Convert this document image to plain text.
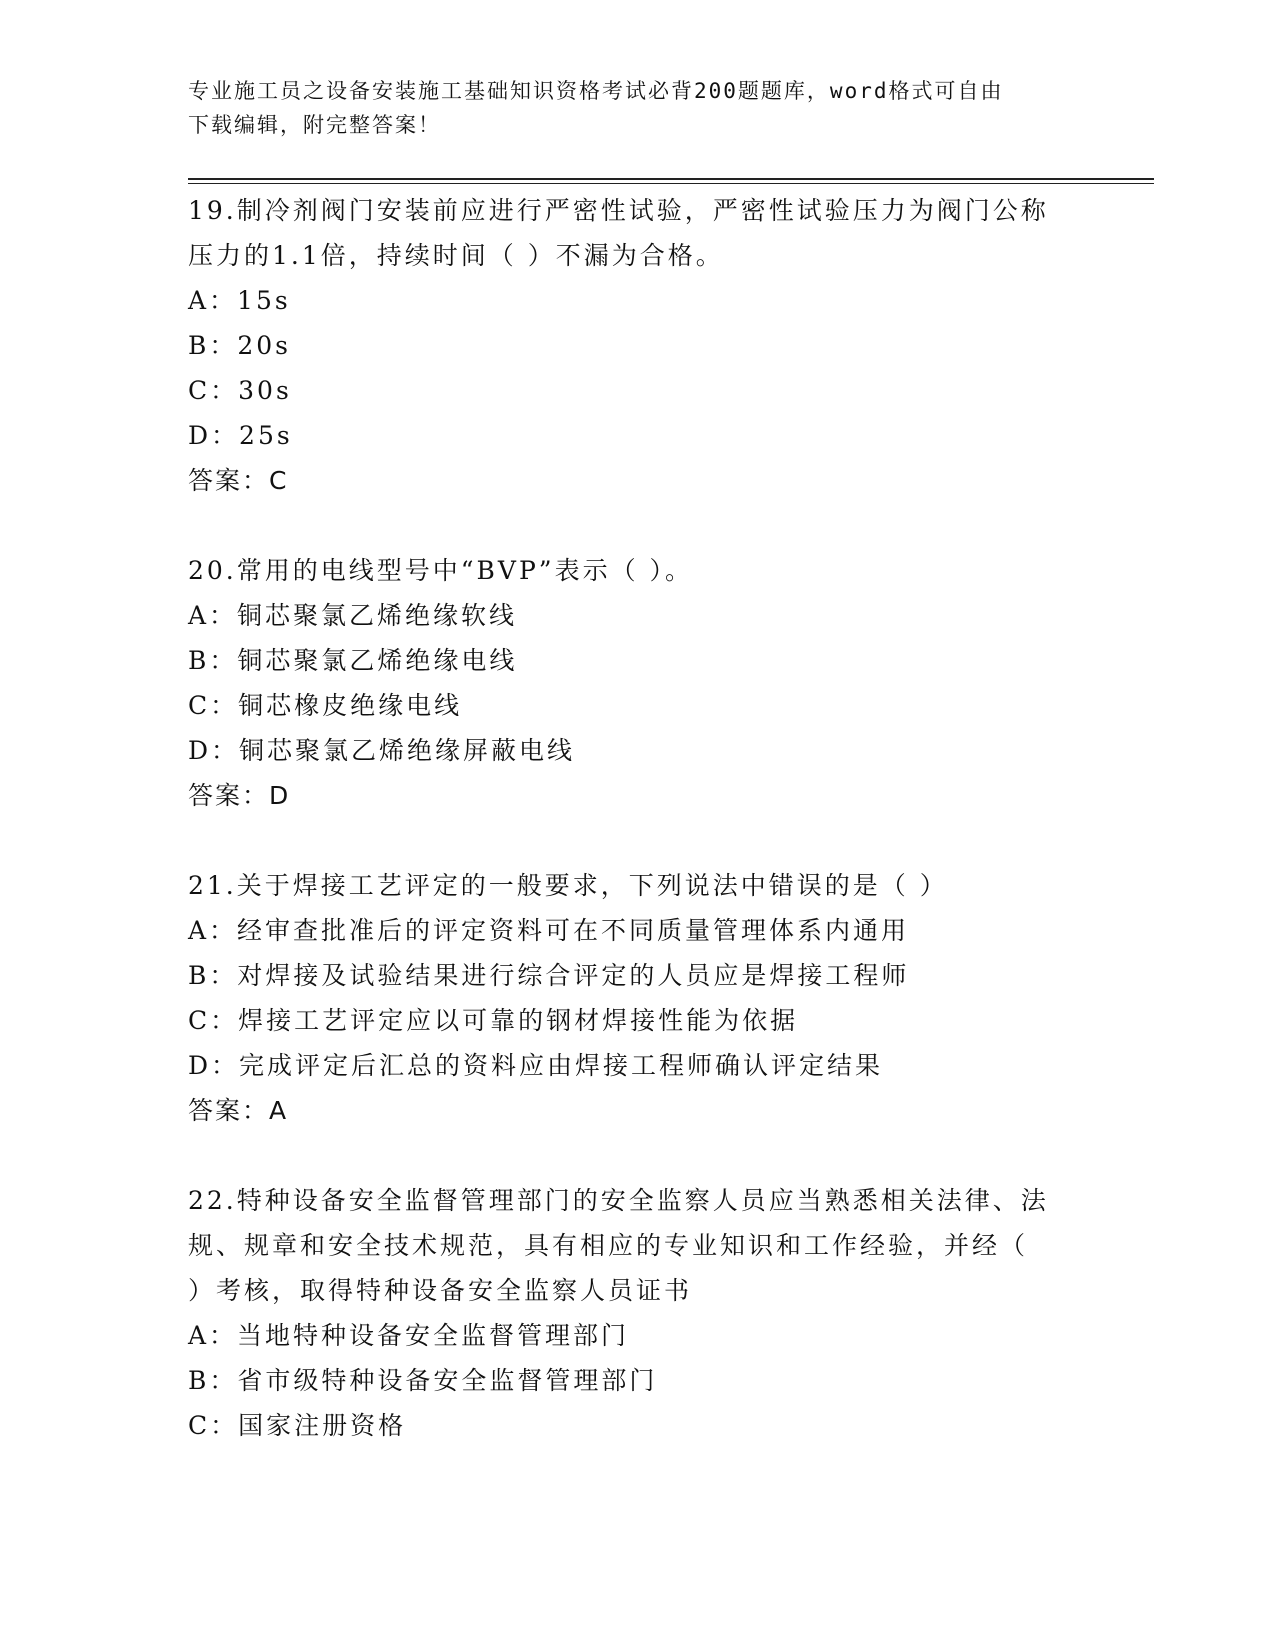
专业施工员之设备安装施工基础知识资格考试必背200题题库，word格式可自由
下载编辑，附完整答案！
19.制冷剂阀门安装前应进行严密性试验，严密性试验压力为阀门公称
压力的1.1倍，持续时间（ ）不漏为合格。
A：15s
B：20s
C：30s
D：25s
答案：C
20.常用的电线型号中“BVP”表示（ ）。
A：铜芯聚氯乙烯绝缘软线
B：铜芯聚氯乙烯绝缘电线
C：铜芯橡皮绝缘电线
D：铜芯聚氯乙烯绝缘屏蔽电线
答案：D
21.关于焊接工艺评定的一般要求，下列说法中错误的是（ ）
A：经审查批准后的评定资料可在不同质量管理体系内通用
B：对焊接及试验结果进行综合评定的人员应是焊接工程师
C：焊接工艺评定应以可靠的钢材焊接性能为依据
D：完成评定后汇总的资料应由焊接工程师确认评定结果
答案：A
22.特种设备安全监督管理部门的安全监察人员应当熟悉相关法律、法
规、规章和安全技术规范，具有相应的专业知识和工作经验，并经（
）考核，取得特种设备安全监察人员证书
A：当地特种设备安全监督管理部门
B：省市级特种设备安全监督管理部门
C：国家注册资格
